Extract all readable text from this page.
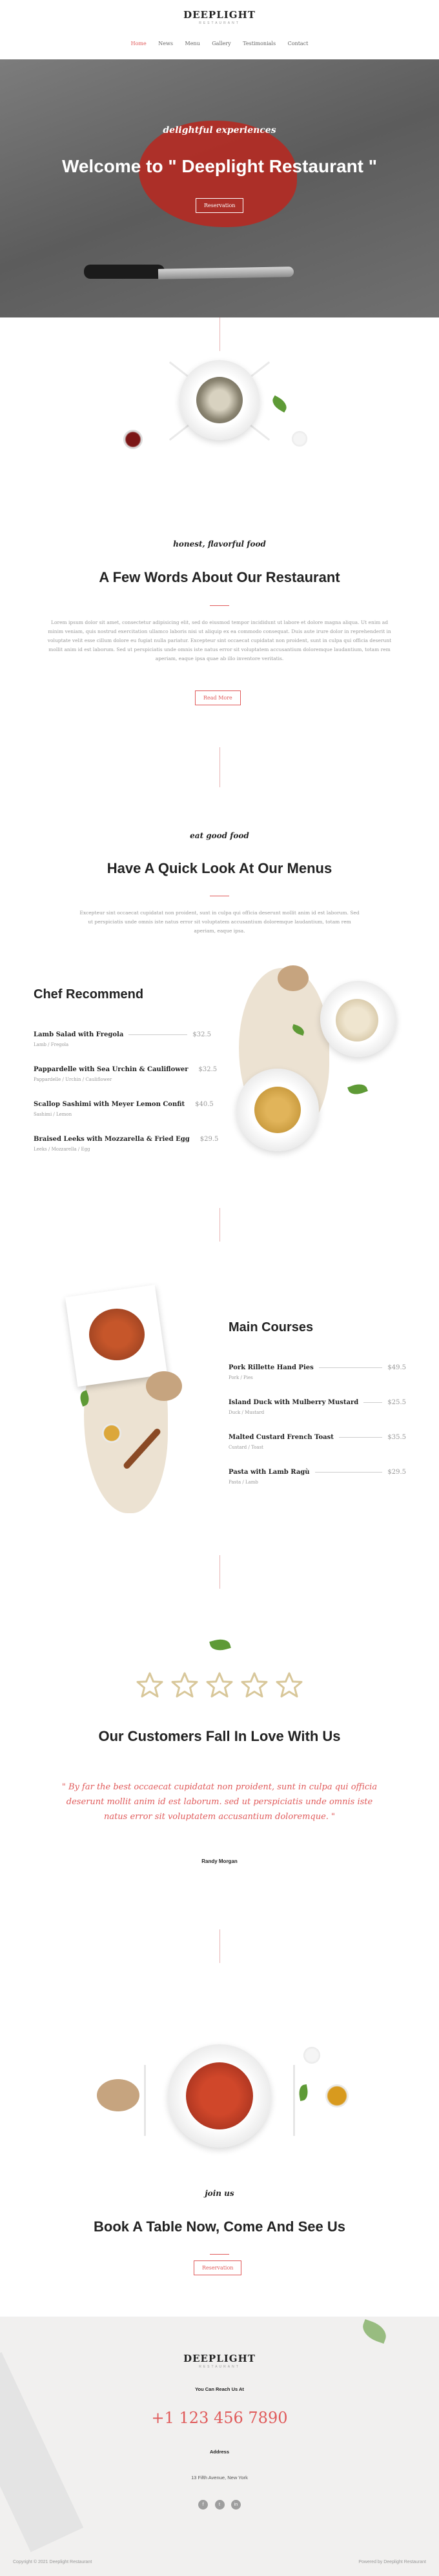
DEEPLIGHT
RESTAURANT
Home News Menu Gallery Testimonials Contact
delightful experiences
Welcome to " Deeplight Restaurant "
Reservation
honest, flavorful food
A Few Words About Our Restaurant
Lorem ipsum dolor sit amet, consectetur adipisicing elit, sed do eiusmod tempor incididunt ut labore et dolore magna aliqua. Ut enim ad minim veniam, quis nostrud exercitation ullamco laboris nisi ut aliquip ex ea commodo consequat. Duis aute irure dolor in reprehenderit in voluptate velit esse cillum dolore eu fugiat nulla pariatur. Excepteur sint occaecat cupidatat non proident, sunt in culpa qui officia deserunt mollit anim id est laborum. Sed ut perspiciatis unde omnis iste natus error sit voluptatem accusantium doloremque laudantium, totam rem aperiam, eaque ipsa quae ab illo inventore veritatis.
Read More
eat good food
Have A Quick Look At Our Menus
Excepteur sint occaecat cupidatat non proident, sunt in culpa qui officia deserunt mollit anim id est laborum. Sed ut perspiciatis unde omnis iste natus error sit voluptatem accusantium doloremque laudantium, totam rem aperiam, eaque ipsa.
Chef Recommend
Lamb Salad with Fregola	$32.5
Lamb / Fregola
Pappardelle with Sea Urchin & Cauliflower $32.5
Pappardelle / Urchin / Cauliflower
Scallop Sashimi with Meyer Lemon Confit $40.5
Sashimi / Lemon
Braised Leeks with Mozzarella & Fried Egg $29.5
Leeks / Mozzarella / Egg
Main Courses
Pork Rillette Hand Pies	$49.5
Pork / Pies
Island Duck with Mulberry Mustard	$25.5
Duck / Mustard
Malted Custard French Toast	$35.5
Custard / Toast
Pasta with Lamb Ragù	$29.5
Pasta / Lamb
Our Customers Fall In Love With Us
" By far the best occaecat cupidatat non proident, sunt in culpa qui officia deserunt mollit anim id est laborum. sed ut perspiciatis unde omnis iste natus error sit voluptatem accusantium doloremque. "
Randy Morgan
join us
Book A Table Now, Come And See Us
Reservation
DEEPLIGHT
RESTAURANT
You Can Reach Us At
+1 123 456 7890
Address
13 Fifth Avenue, New York
f	t	in
Copyright © 2021 Deeplight Restaurant	Powered by Deeplight Restaurant
